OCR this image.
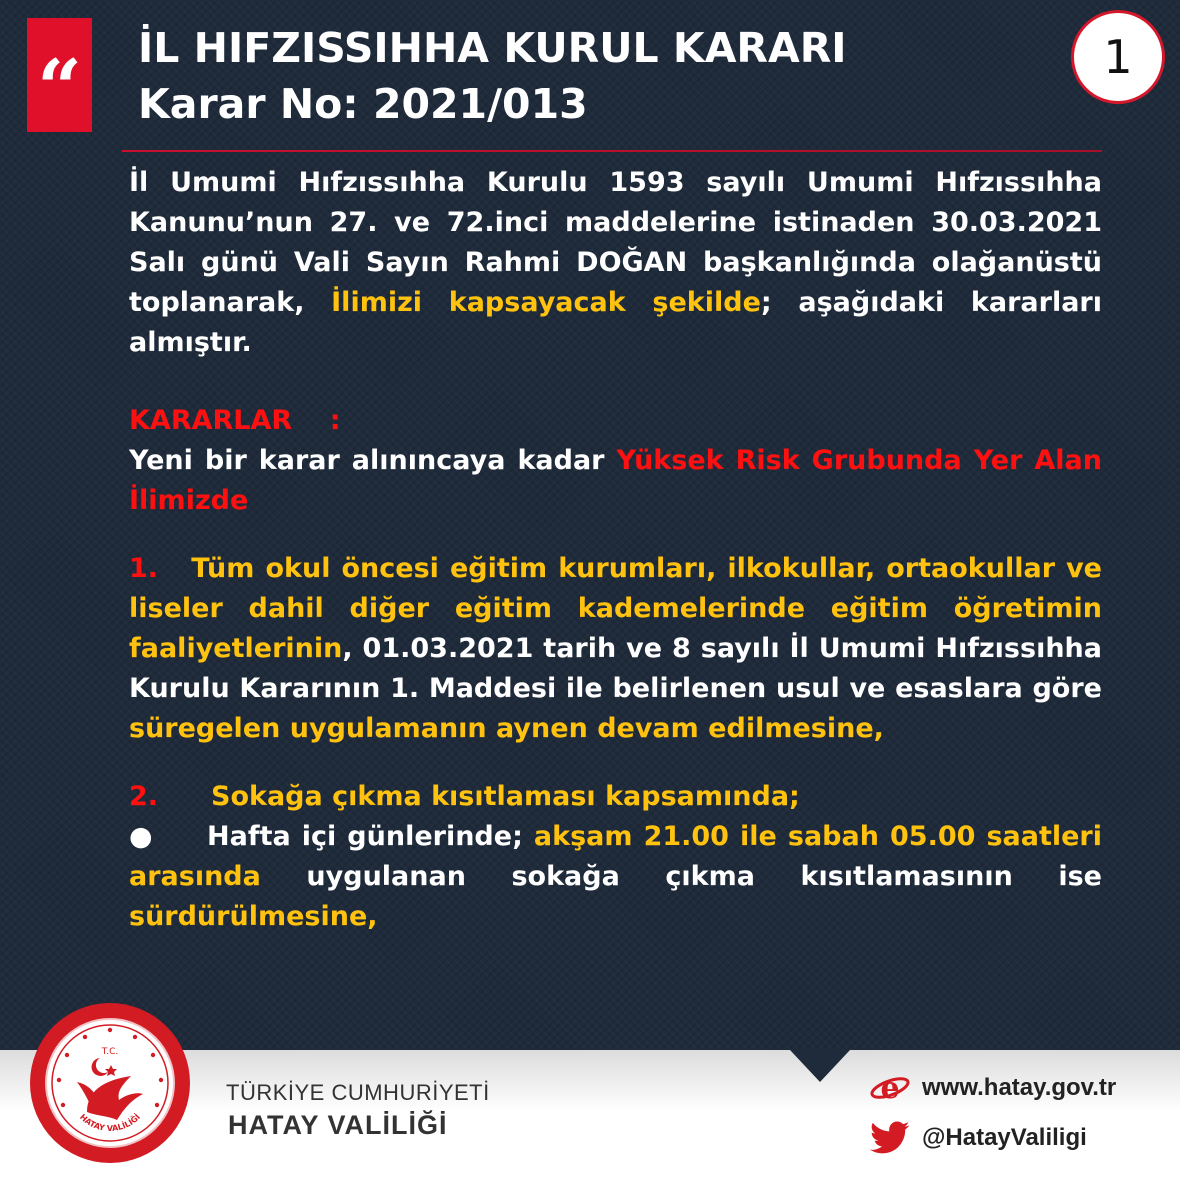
“ İL HIFZISSIHHA KURUL KARARI
Karar No: 2021/013
1

İl Umumi Hıfzıssıhha Kurulu 1593 sayılı Umumi Hıfzıssıhha Kanunu’nun 27. ve 72.inci maddelerine istinaden 30.03.2021 Salı günü Vali Sayın Rahmi DOĞAN başkanlığında olağanüstü toplanarak, İlimizi kapsayacak şekilde; aşağıdaki kararları almıştır.

KARARLAR    :

Yeni bir karar alınıncaya kadar Yüksek Risk Grubunda Yer Alan İlimizde

1.   Tüm okul öncesi eğitim kurumları, ilkokullar, ortaokullar ve liseler dahil diğer eğitim kademelerinde eğitim öğretimin faaliyetlerinin, 01.03.2021 tarih ve 8 sayılı İl Umumi Hıfzıssıhha Kurulu Kararının 1. Maddesi ile belirlenen usul ve esaslara göre süregelen uygulamanın aynen devam edilmesine,

2. Sokağa çıkma kısıtlaması kapsamında;

● Hafta içi günlerinde; akşam 21.00 ile sabah 05.00 saatleri arasında uygulanan sokağa çıkma kısıtlamasının ise sürdürülmesine,

T.C.
HATAY VALİLİĞİ
TÜRKİYE CUMHURİYETİ
HATAY VALİLİĞİ
e www.hatay.gov.tr
@HatayValiligi
